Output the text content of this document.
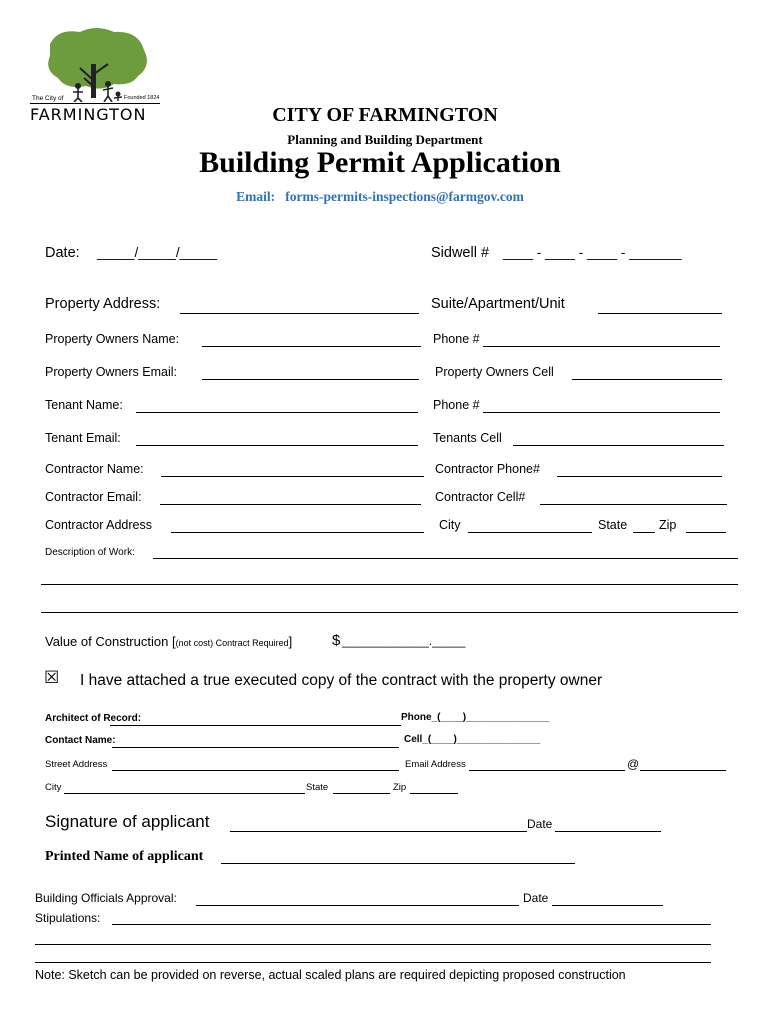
The City of	Founded 1824
FARMINGTON	CITY OF FARMINGTON
Planning and Building Department
Building Permit Application
Email: forms-permits-inspections@farmgov.com
Date: _____/_____/_____	Sidwell # ____ - ____ - ____ - _______
Property Address:	Suite/Apartment/Unit
Property Owners Name:	Phone #
Property Owners Email:	Property Owners Cell
Tenant Name:	Phone #
Tenant Email:	Tenants Cell
Contractor Name:	Contractor Phone#
Contractor Email:	Contractor Cell#
Contractor Address	City	State	Zip
Description of Work:
Value of Construction [(not cost) Contract Required]	$ _____________._____
☒ I have attached a true executed copy of the contract with the property owner
Architect of Record:	Phone_(____)_______________
Contact Name:	Cell_(____)_______________
Street Address	Email Address	@
City	State	Zip
Signature of applicant	Date
Printed Name of applicant
Building Officials Approval:	Date
Stipulations:
Note: Sketch can be provided on reverse, actual scaled plans are required depicting proposed construction
